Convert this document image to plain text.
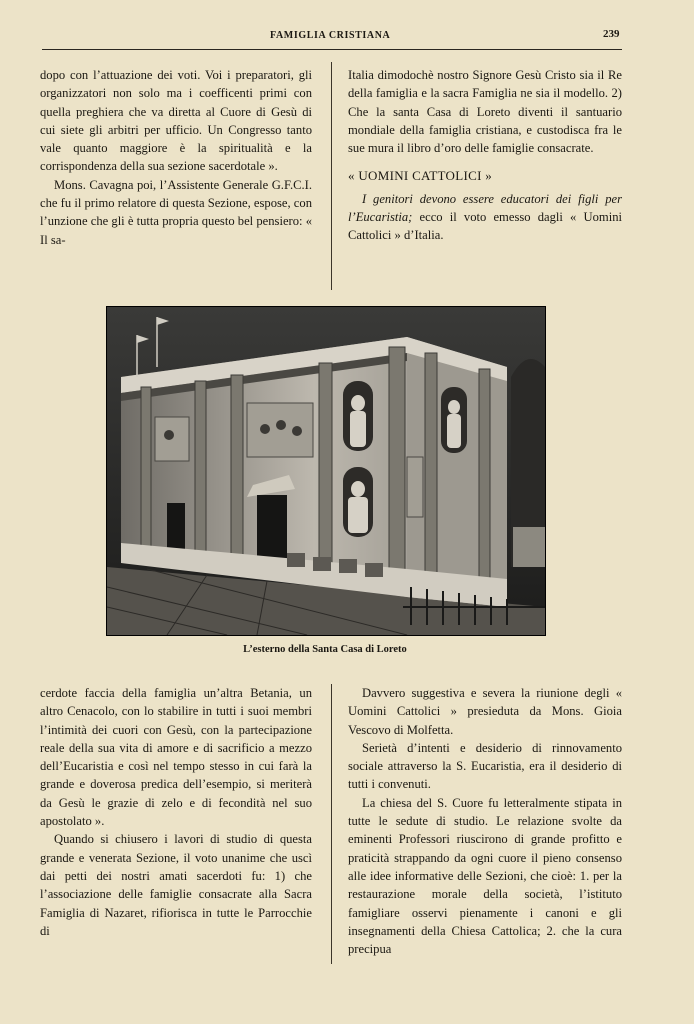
FAMIGLIA CRISTIANA	239

dopo con l’attuazione dei voti. Voi i preparatori, gli organizzatori non solo ma i coefficenti primi con quella preghiera che va diretta al Cuore di Gesù di cui siete gli arbitri per ufficio. Un Congresso tanto vale quanto maggiore è la spiritualità e la corrispondenza della sua sezione sacerdotale ».

Mons. Cavagna poi, l’Assistente Generale G.F.C.I. che fu il primo relatore di questa Sezione, espose, con l’unzione che gli è tutta propria questo bel pensiero: « Il sa-

Italia dimodochè nostro Signore Gesù Cristo sia il Re della famiglia e la sacra Famiglia ne sia il modello. 2) Che la santa Casa di Loreto diventi il santuario mondiale della famiglia cristiana, e custodisca fra le sue mura il libro d’oro delle famiglie consacrate.

« UOMINI CATTOLICI »

I genitori devono essere educatori dei figli per l’Eucaristia; ecco il voto emesso dagli « Uomini Cattolici » d’Italia.

L’esterno della Santa Casa di Loreto

cerdote faccia della famiglia un’altra Betania, un altro Cenacolo, con lo stabilire in tutti i suoi membri l’intimità dei cuori con Gesù, con la partecipazione reale della sua vita di amore e di sacrificio a mezzo dell’Eucaristia e così nel tempo stesso in cui farà la grande e doverosa predica dell’esempio, si meriterà da Gesù le grazie di zelo e di fecondità nel suo apostolato ».

Quando si chiusero i lavori di studio di questa grande e venerata Sezione, il voto unanime che uscì dai petti dei nostri amati sacerdoti fu: 1) che l’associazione delle famiglie consacrate alla Sacra Famiglia di Nazaret, rifiorisca in tutte le Parrocchie di

Davvero suggestiva e severa la riunione degli « Uomini Cattolici » presieduta da Mons. Gioia Vescovo di Molfetta.

Serietà d’intenti e desiderio di rinnovamento sociale attraverso la S. Eucaristia, era il desiderio di tutti i convenuti.

La chiesa del S. Cuore fu letteralmente stipata in tutte le sedute di studio. Le relazione svolte da eminenti Professori riuscirono di grande profitto e praticità strappando da ogni cuore il pieno consenso alle idee informative delle Sezioni, che cioè: 1. per la restaurazione morale della società, l’istituto famigliare osservi pienamente i canoni e gli insegnamenti della Chiesa Cattolica; 2. che la cura precipua
